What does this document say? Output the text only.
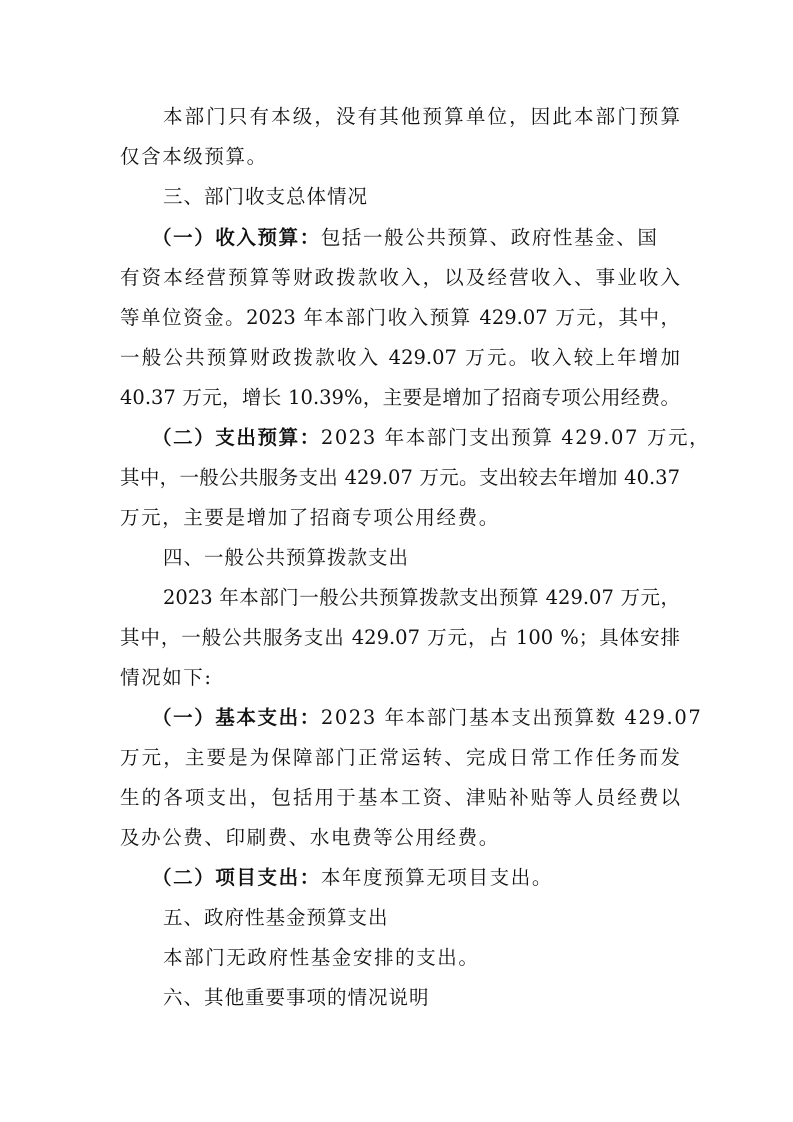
本部门只有本级，没有其他预算单位，因此本部门预算
仅含本级预算。
三、部门收支总体情况
（一）收入预算：包括一般公共预算、政府性基金、国
有资本经营预算等财政拨款收入，以及经营收入、事业收入
等单位资金。2023 年本部门收入预算 429.07 万元，其中，
一般公共预算财政拨款收入 429.07 万元。收入较上年增加
40.37 万元，增长 10.39%，主要是增加了招商专项公用经费。
（二）支出预算：2023 年本部门支出预算 429.07 万元，
其中，一般公共服务支出 429.07 万元。支出较去年增加 40.37
万元，主要是增加了招商专项公用经费。
四、一般公共预算拨款支出
2023 年本部门一般公共预算拨款支出预算 429.07 万元，
其中，一般公共服务支出 429.07 万元，占 100 %；具体安排
情况如下:
（一）基本支出：2023 年本部门基本支出预算数 429.07
万元，主要是为保障部门正常运转、完成日常工作任务而发
生的各项支出，包括用于基本工资、津贴补贴等人员经费以
及办公费、印刷费、水电费等公用经费。
（二）项目支出：本年度预算无项目支出。
五、政府性基金预算支出
本部门无政府性基金安排的支出。
六、其他重要事项的情况说明
